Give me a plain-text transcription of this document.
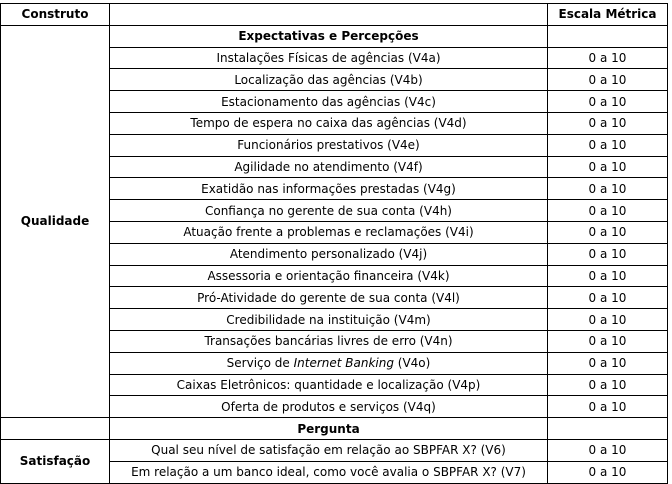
Construto		Escala Métrica
Qualidade	Expectativas e Percepções	
	Instalações Físicas de agências (V4a)	0 a 10
	Localização das agências (V4b)	0 a 10
	Estacionamento das agências (V4c)	0 a 10
	Tempo de espera no caixa das agências (V4d)	0 a 10
	Funcionários prestativos (V4e)	0 a 10
	Agilidade no atendimento (V4f)	0 a 10
	Exatidão nas informações prestadas (V4g)	0 a 10
	Confiança no gerente de sua conta (V4h)	0 a 10
	Atuação frente a problemas e reclamações (V4i)	0 a 10
	Atendimento personalizado (V4j)	0 a 10
	Assessoria e orientação financeira (V4k)	0 a 10
	Pró-Atividade do gerente de sua conta (V4l)	0 a 10
	Credibilidade na instituição (V4m)	0 a 10
	Transações bancárias livres de erro (V4n)	0 a 10
	Serviço de Internet Banking (V4o)	0 a 10
	Caixas Eletrônicos: quantidade e localização (V4p)	0 a 10
	Oferta de produtos e serviços (V4q)	0 a 10
	Pergunta	
Satisfação	Qual seu nível de satisfação em relação ao SBPFAR X? (V6)	0 a 10
	Em relação a um banco ideal, como você avalia o SBPFAR X? (V7)	0 a 10
